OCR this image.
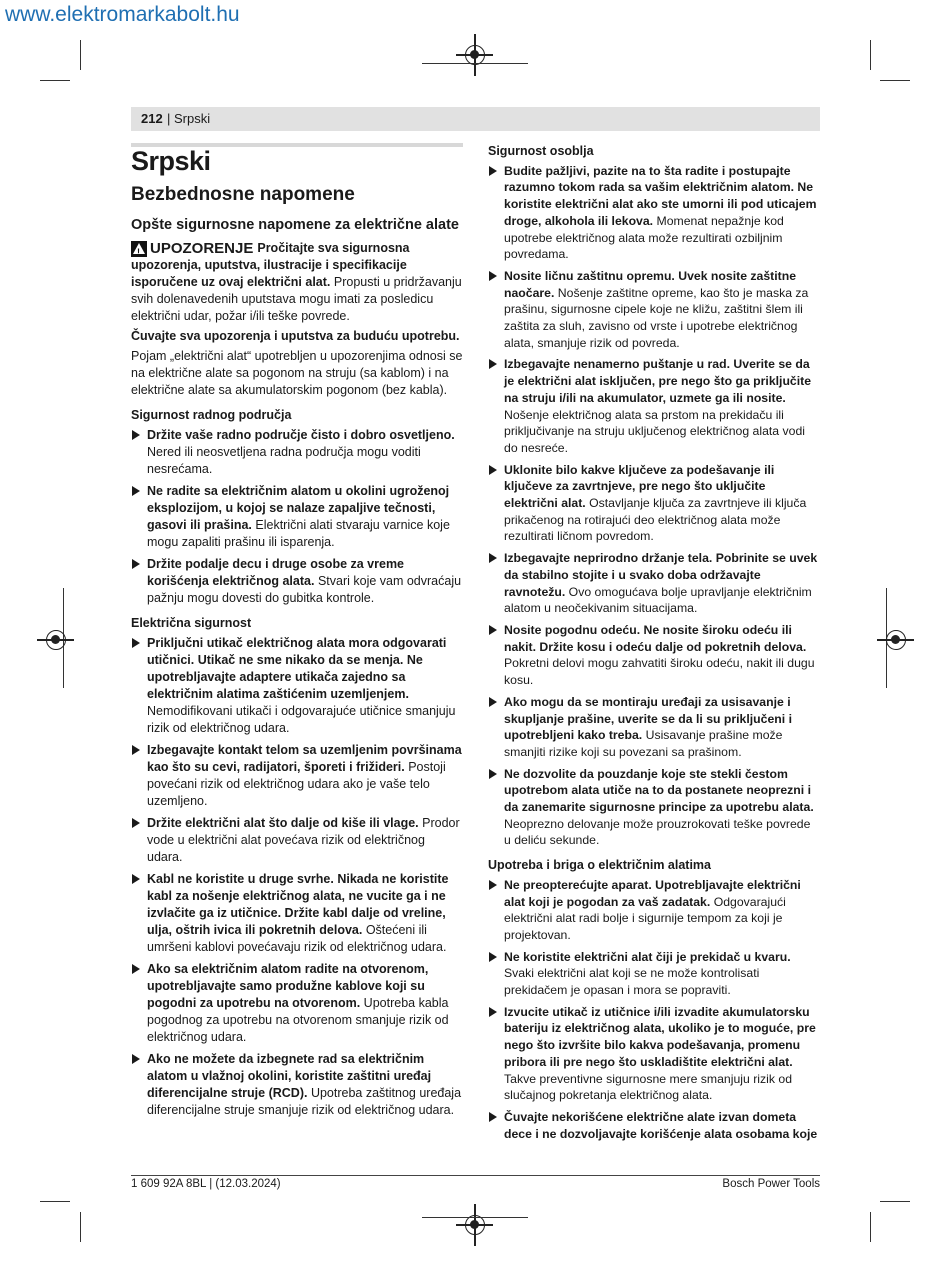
www.elektromarkabolt.hu
212 | Srpski
Srpski
Bezbednosne napomene
Opšte sigurnosne napomene za električne alate

!
UPOZORENJE Pročitajte sva sigurnosna upozorenja, uputstva, ilustracije i specifikacije isporučene uz ovaj električni alat. Propusti u pridržavanju svih dolenavedenih uputstava mogu imati za posledicu električni udar, požar i/ili teške povrede.

Čuvajte sva upozorenja i uputstva za buduću upotrebu.

Pojam „električni alat“ upotrebljen u upozorenjima odnosi se na električne alate sa pogonom na struju (sa kablom) i na električne alate sa akumulatorskim pogonom (bez kabla).

Sigurnost radnog područja
Držite vaše radno područje čisto i dobro osvetljeno. Nered ili neosvetljena radna područja mogu voditi nesrećama.
Ne radite sa električnim alatom u okolini ugroženoj eksplozijom, u kojoj se nalaze zapaljive tečnosti, gasovi ili prašina. Električni alati stvaraju varnice koje mogu zapaliti prašinu ili isparenja.
Držite podalje decu i druge osobe za vreme korišćenja električnog alata. Stvari koje vam odvraćaju pažnju mogu dovesti do gubitka kontrole.
Električna sigurnost
Priključni utikač električnog alata mora odgovarati utičnici. Utikač ne sme nikako da se menja. Ne upotrebljavajte adaptere utikača zajedno sa električnim alatima zaštićenim uzemljenjem. Nemodifikovani utikači i odgovarajuće utičnice smanjuju rizik od električnog udara.
Izbegavajte kontakt telom sa uzemljenim površinama kao što su cevi, radijatori, šporeti i frižideri. Postoji povećani rizik od električnog udara ako je vaše telo uzemljeno.
Držite električni alat što dalje od kiše ili vlage. Prodor vode u električni alat povećava rizik od električnog udara.
Kabl ne koristite u druge svrhe. Nikada ne koristite kabl za nošenje električnog alata, ne vucite ga i ne izvlačite ga iz utičnice. Držite kabl dalje od vreline, ulja, oštrih ivica ili pokretnih delova. Oštećeni ili umršeni kablovi povećavaju rizik od električnog udara.
Ako sa električnim alatom radite na otvorenom, upotrebljavajte samo produžne kablove koji su pogodni za upotrebu na otvorenom. Upotreba kabla pogodnog za upotrebu na otvorenom smanjuje rizik od električnog udara.
Ako ne možete da izbegnete rad sa električnim alatom u vlažnoj okolini, koristite zaštitni uređaj diferencijalne struje (RCD). Upotreba zaštitnog uređaja diferencijalne struje smanjuje rizik od električnog udara.
Sigurnost osoblja
Budite pažljivi, pazite na to šta radite i postupajte razumno tokom rada sa vašim električnim alatom. Ne koristite električni alat ako ste umorni ili pod uticajem droge, alkohola ili lekova. Momenat nepažnje kod upotrebe električnog alata može rezultirati ozbiljnim povredama.
Nosite ličnu zaštitnu opremu. Uvek nosite zaštitne naočare. Nošenje zaštitne opreme, kao što je maska za prašinu, sigurnosne cipele koje ne kližu, zaštitni šlem ili zaštita za sluh, zavisno od vrste i upotrebe električnog alata, smanjuje rizik od povreda.
Izbegavajte nenamerno puštanje u rad. Uverite se da je električni alat isključen, pre nego što ga priključite na struju i/ili na akumulator, uzmete ga ili nosite. Nošenje električnog alata sa prstom na prekidaču ili priključivanje na struju uključenog električnog alata vodi do nesreće.
Uklonite bilo kakve ključeve za podešavanje ili ključeve za zavrtnjeve, pre nego što uključite električni alat. Ostavljanje ključa za zavrtnjeve ili ključa prikačenog na rotirajući deo električnog alata može rezultirati ličnom povredom.
Izbegavajte neprirodno držanje tela. Pobrinite se uvek da stabilno stojite i u svako doba održavajte ravnotežu. Ovo omogućava bolje upravljanje električnim alatom u neočekivanim situacijama.
Nosite pogodnu odeću. Ne nosite široku odeću ili nakit. Držite kosu i odeću dalje od pokretnih delova. Pokretni delovi mogu zahvatiti široku odeću, nakit ili dugu kosu.
Ako mogu da se montiraju uređaji za usisavanje i skupljanje prašine, uverite se da li su priključeni i upotrebljeni kako treba. Usisavanje prašine može smanjiti rizike koji su povezani sa prašinom.
Ne dozvolite da pouzdanje koje ste stekli čestom upotrebom alata utiče na to da postanete neoprezni i da zanemarite sigurnosne principe za upotrebu alata. Neoprezno delovanje može prouzrokovati teške povrede u deliću sekunde.
Upotreba i briga o električnim alatima
Ne preopterećujte aparat. Upotrebljavajte električni alat koji je pogodan za vaš zadatak. Odgovarajući električni alat radi bolje i sigurnije tempom za koji je projektovan.
Ne koristite električni alat čiji je prekidač u kvaru. Svaki električni alat koji se ne može kontrolisati prekidačem je opasan i mora se popraviti.
Izvucite utikač iz utičnice i/ili izvadite akumulatorsku bateriju iz električnog alata, ukoliko je to moguće, pre nego što izvršite bilo kakva podešavanja, promenu pribora ili pre nego što uskladištite električni alat. Takve preventivne sigurnosne mere smanjuju rizik od slučajnog pokretanja električnog alata.
Čuvajte nekorišćene električne alate izvan dometa dece i ne dozvoljavajte korišćenje alata osobama koje
1 609 92A 8BL | (12.03.2024)	Bosch Power Tools
